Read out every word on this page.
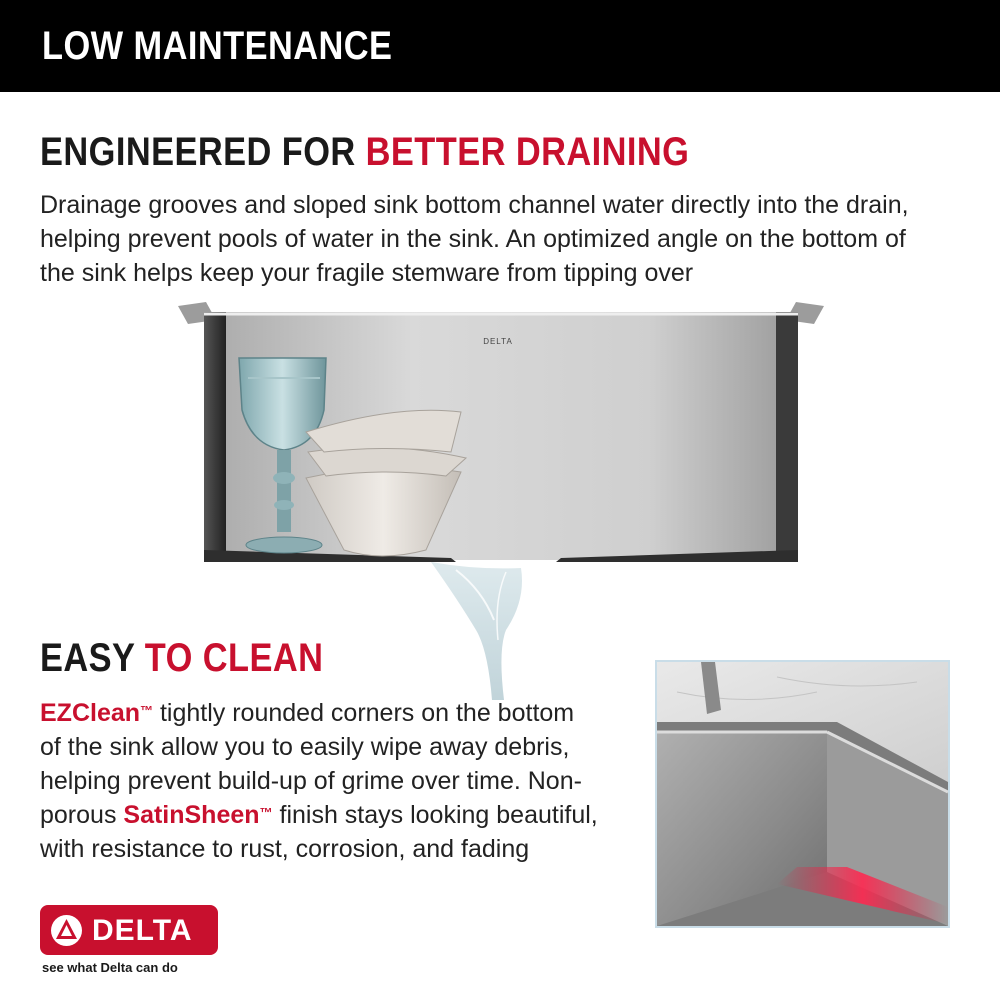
LOW MAINTENANCE
ENGINEERED FOR BETTER DRAINING

Drainage grooves and sloped sink bottom channel water directly into the drain, helping prevent pools of water in the sink. An optimized angle on the bottom of the sink helps keep your fragile stemware from tipping over

DELTA
EASY TO CLEAN

EZClean™ tightly rounded corners on the bottom of the sink allow you to easily wipe away debris, helping prevent build-up of grime over time. Non-porous SatinSheen™ finish stays looking beautiful, with resistance to rust, corrosion, and fading

DELTA
see what Delta can do
